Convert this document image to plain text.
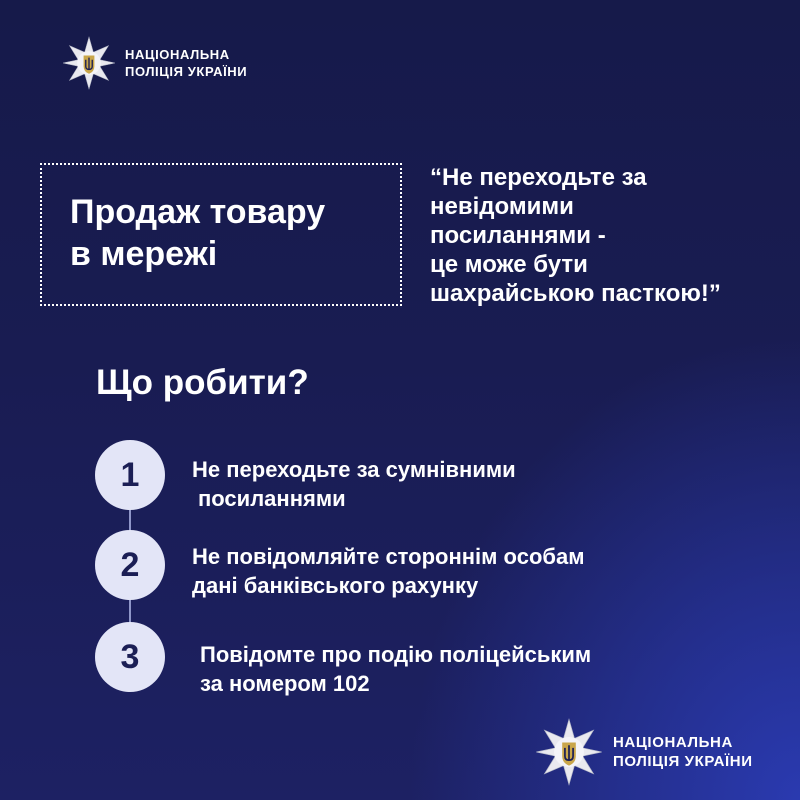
НАЦІОНАЛЬНА
ПОЛІЦІЯ УКРАЇНИ
Продаж товару
в мережі
“Не переходьте за
невідомими
посиланнями -
це може бути
шахрайською пасткою!”
Що робити?
1
2
3
Не переходьте за сумнівними
посиланнями
Не повідомляйте стороннім особам
дані банківського рахунку
Повідомте про подію поліцейським
за номером 102
НАЦІОНАЛЬНА
ПОЛІЦІЯ УКРАЇНИ
